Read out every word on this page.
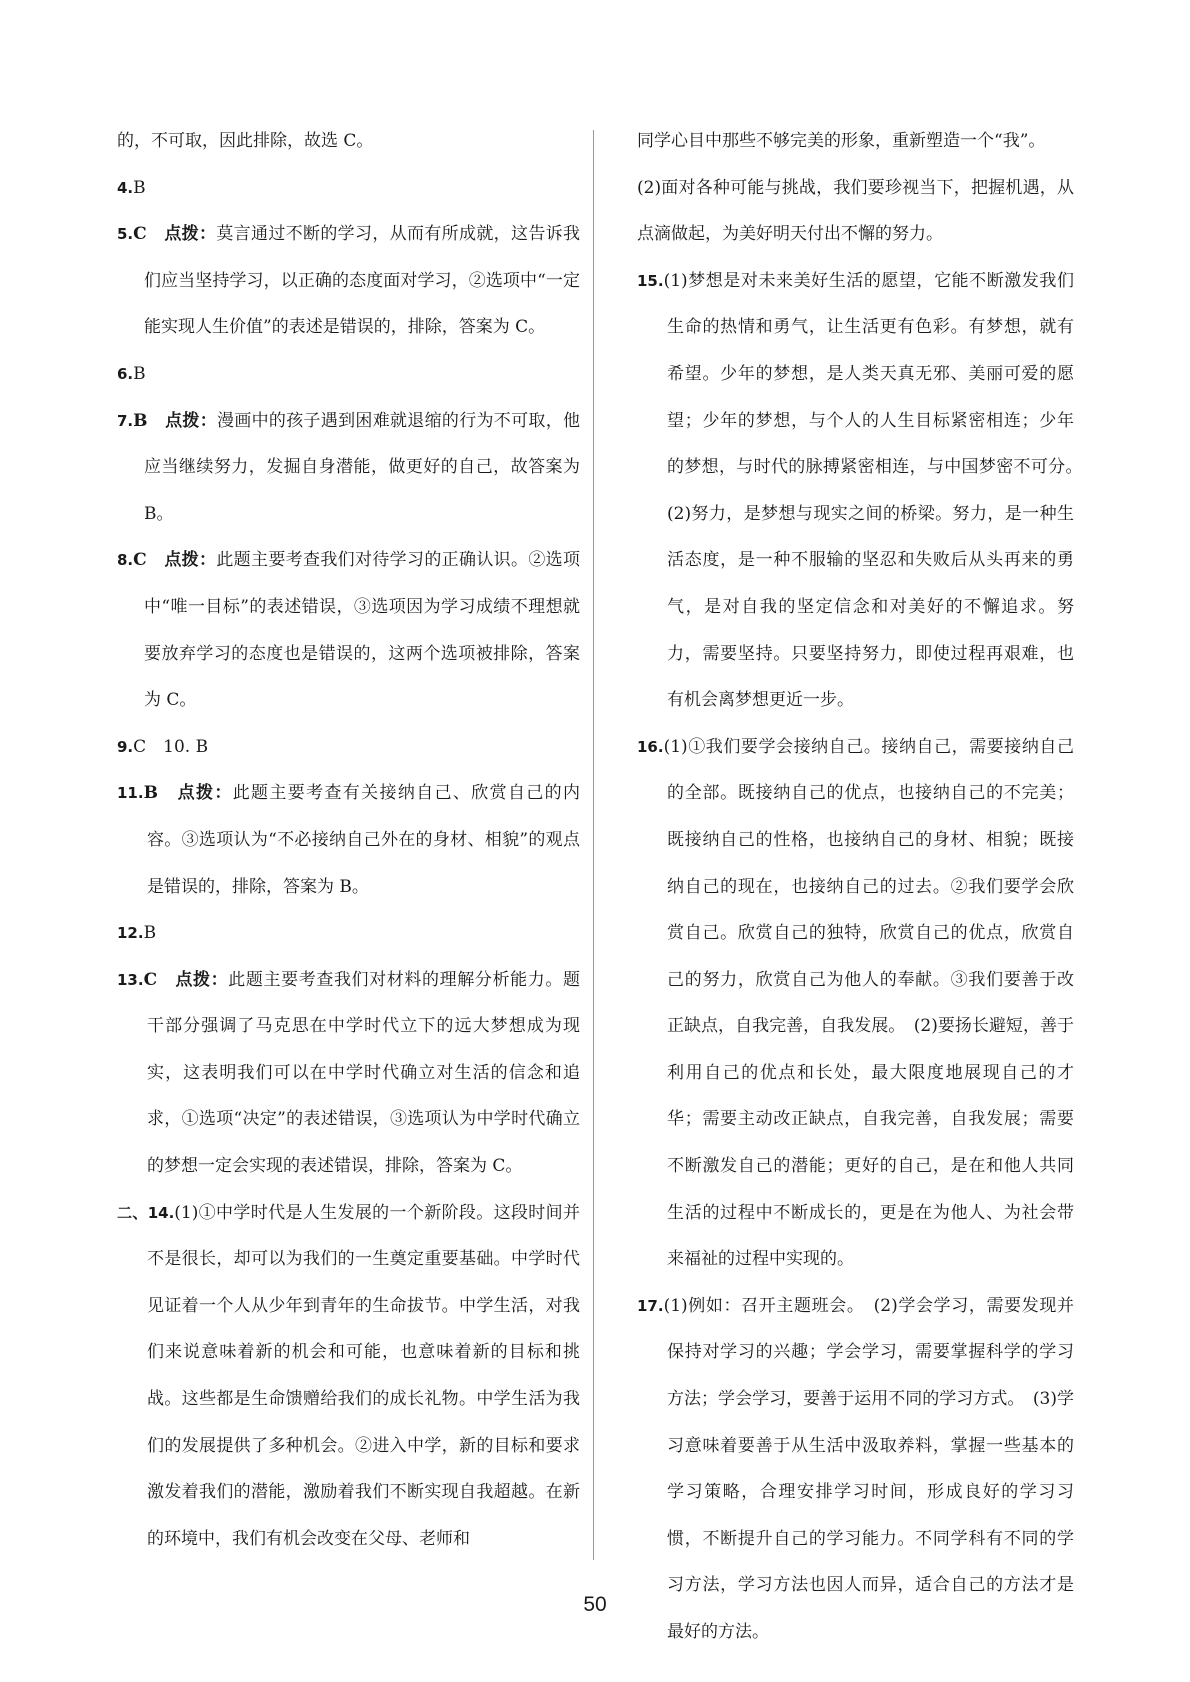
的，不可取，因此排除，故选 C。

4.B

5.C　点拨：莫言通过不断的学习，从而有所成就，这告诉我们应当坚持学习，以正确的态度面对学习，②选项中“一定能实现人生价值”的表述是错误的，排除，答案为 C。

6.B

7.B　点拨：漫画中的孩子遇到困难就退缩的行为不可取，他应当继续努力，发掘自身潜能，做更好的自己，故答案为 B。

8.C　点拨：此题主要考查我们对待学习的正确认识。②选项中“唯一目标”的表述错误，③选项因为学习成绩不理想就要放弃学习的态度也是错误的，这两个选项被排除，答案为 C。

9.C　10. B

11.B　点拨：此题主要考查有关接纳自己、欣赏自己的内容。③选项认为“不必接纳自己外在的身材、相貌”的观点是错误的，排除，答案为 B。

12.B

13.C　点拨：此题主要考查我们对材料的理解分析能力。题干部分强调了马克思在中学时代立下的远大梦想成为现实，这表明我们可以在中学时代确立对生活的信念和追求，①选项“决定”的表述错误，③选项认为中学时代确立的梦想一定会实现的表述错误，排除，答案为 C。

二、14.(1)①中学时代是人生发展的一个新阶段。这段时间并不是很长，却可以为我们的一生奠定重要基础。中学时代见证着一个人从少年到青年的生命拔节。中学生活，对我们来说意味着新的机会和可能，也意味着新的目标和挑战。这些都是生命馈赠给我们的成长礼物。中学生活为我们的发展提供了多种机会。②进入中学，新的目标和要求激发着我们的潜能，激励着我们不断实现自我超越。在新的环境中，我们有机会改变在父母、老师和

同学心目中那些不够完美的形象，重新塑造一个“我”。

(2)面对各种可能与挑战，我们要珍视当下，把握机遇，从点滴做起，为美好明天付出不懈的努力。

15.(1)梦想是对未来美好生活的愿望，它能不断激发我们生命的热情和勇气，让生活更有色彩。有梦想，就有希望。少年的梦想，是人类天真无邪、美丽可爱的愿望；少年的梦想，与个人的人生目标紧密相连；少年的梦想，与时代的脉搏紧密相连，与中国梦密不可分。　(2)努力，是梦想与现实之间的桥梁。努力，是一种生活态度，是一种不服输的坚忍和失败后从头再来的勇气，是对自我的坚定信念和对美好的不懈追求。努力，需要坚持。只要坚持努力，即使过程再艰难，也有机会离梦想更近一步。

16.(1)①我们要学会接纳自己。接纳自己，需要接纳自己的全部。既接纳自己的优点，也接纳自己的不完美；既接纳自己的性格，也接纳自己的身材、相貌；既接纳自己的现在，也接纳自己的过去。②我们要学会欣赏自己。欣赏自己的独特，欣赏自己的优点，欣赏自己的努力，欣赏自己为他人的奉献。③我们要善于改正缺点，自我完善，自我发展。　(2)要扬长避短，善于利用自己的优点和长处，最大限度地展现自己的才华；需要主动改正缺点，自我完善，自我发展；需要不断激发自己的潜能；更好的自己，是在和他人共同生活的过程中不断成长的，更是在为他人、为社会带来福祉的过程中实现的。

17.(1)例如：召开主题班会。　(2)学会学习，需要发现并保持对学习的兴趣；学会学习，需要掌握科学的学习方法；学会学习，要善于运用不同的学习方式。　(3)学习意味着要善于从生活中汲取养料，掌握一些基本的学习策略，合理安排学习时间，形成良好的学习习惯，不断提升自己的学习能力。不同学科有不同的学习方法，学习方法也因人而异，适合自己的方法才是最好的方法。

50
